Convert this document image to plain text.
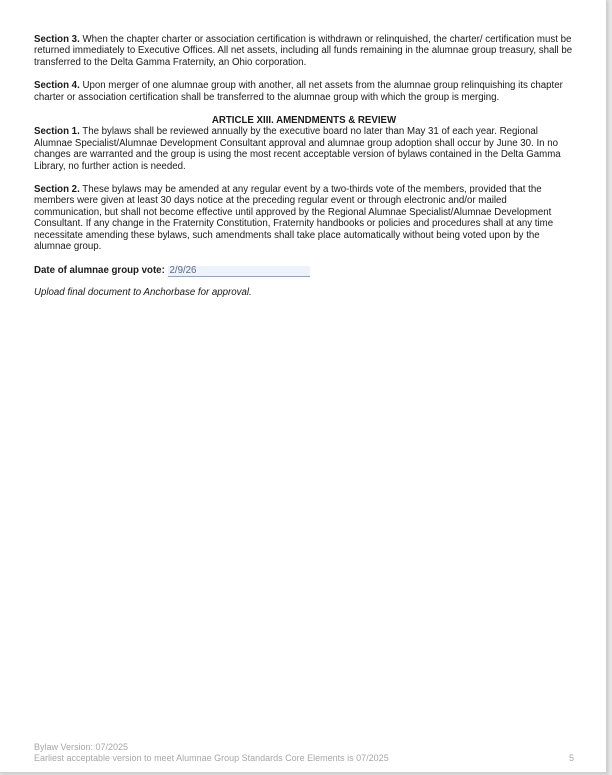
Section 3. When the chapter charter or association certification is withdrawn or relinquished, the charter/ certification must be returned immediately to Executive Offices. All net assets, including all funds remaining in the alumnae group treasury, shall be transferred to the Delta Gamma Fraternity, an Ohio corporation.

Section 4. Upon merger of one alumnae group with another, all net assets from the alumnae group relinquishing its chapter charter or association certification shall be transferred to the alumnae group with which the group is merging.

ARTICLE XIII. AMENDMENTS & REVIEW

Section 1. The bylaws shall be reviewed annually by the executive board no later than May 31 of each year. Regional Alumnae Specialist/Alumnae Development Consultant approval and alumnae group adoption shall occur by June 30. In no changes are warranted and the group is using the most recent acceptable version of bylaws contained in the Delta Gamma Library, no further action is needed.

Section 2. These bylaws may be amended at any regular event by a two-thirds vote of the members, provided that the members were given at least 30 days notice at the preceding regular event or through electronic and/or mailed communication, but shall not become effective until approved by the Regional Alumnae Specialist/Alumnae Development Consultant. If any change in the Fraternity Constitution, Fraternity handbooks or policies and procedures shall at any time necessitate amending these bylaws, such amendments shall take place automatically without being voted upon by the alumnae group.

Date of alumnae group vote: 2/9/26

Upload final document to Anchorbase for approval.

Bylaw Version: 07/2025
Earliest acceptable version to meet Alumnae Group Standards Core Elements is 07/2025	5
